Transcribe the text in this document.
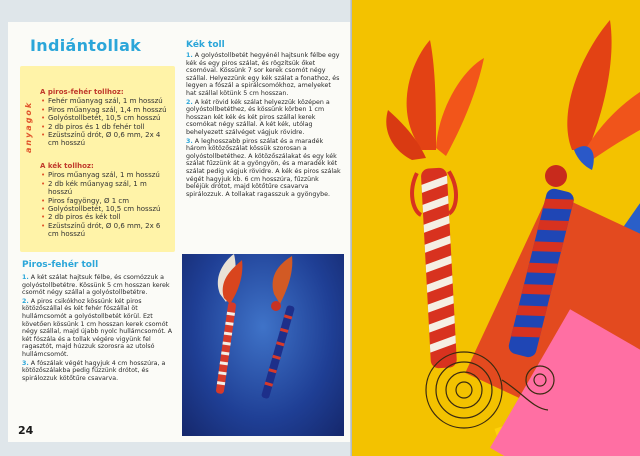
Indiántollak
anyagok
A piros-fehér tollhoz:
• Fehér műanyag szál, 1 m hosszú
• Piros műanyag szál, 1,4 m hosszú
• Golyóstollbetét, 10,5 cm hosszú
• 2 db piros és 1 db fehér toll
• Ezüstszínű drót, Ø 0,6 mm, 2x 4 cm hosszú
A kék tollhoz:
• Piros műanyag szál, 1 m hosszú
• 2 db kék műanyag szál, 1 m hosszú
• Piros fagyöngy, Ø 1 cm
• Golyóstollbetét, 10,5 cm hosszú
• 2 db piros és kék toll
• Ezüstszínű drót, Ø 0,6 mm, 2x 6 cm hosszú
Piros-fehér toll

1. A két szálat hajtsuk félbe, és csomózzuk a golyóstollbetétre. Kössünk 5 cm hosszan kerek csomót négy szállal a golyóstollbetétre.

2. A piros csikókhoz kössünk két piros kötözőszállal és két fehér fószállal öt hullámcsomót a golyóstollbetét körül. Ezt követően kössünk 1 cm hosszan kerek csomót négy szállal, majd újabb nyolc hullámcsomót. A két fószála és a tollak végére vigyünk fel ragasztót, majd húzzuk szorosra az utolsó hullámcsomót.

3. A fószálak végét hagyjuk 4 cm hosszúra, a kötözőszálakba pedig fűzzünk drótot, és spirálozzuk kötőtűre csavarva.

Kék toll

1. A golyóstollbetét hegyénél hajtsunk félbe egy kék és egy piros szálat, és rögzítsük őket csomóval. Kössünk 7 sor kerek csomót négy szállal. Helyezzünk egy kék szálat a fonathoz, és legyen a fószál a spirálcsomókhoz, amelyeket hat szállal kötünk 5 cm hosszan.

2. A két rövid kék szálat helyezzük középen a golyóstollbetéthez, és kössünk körben 1 cm hosszan két kék és két piros szállal kerek csomókat négy szállal. A két kék, utólag behelyezett szálvéget vágjuk rövidre.

3. A leghosszabb piros szálat és a maradék három kötözőszálat kössük szorosan a golyóstollbetéthez. A kötözőszálakat és egy kék szálat fűzzünk át a gyöngyön, és a maradék két szálat pedig vágjuk rövidre. A kék és piros szálak végét hagyjuk kb. 6 cm hosszúra, fűzzünk beléjük drótot, majd kötőtűre csavarva spirálozzuk. A tollakat ragasszuk a gyöngybe.

24
